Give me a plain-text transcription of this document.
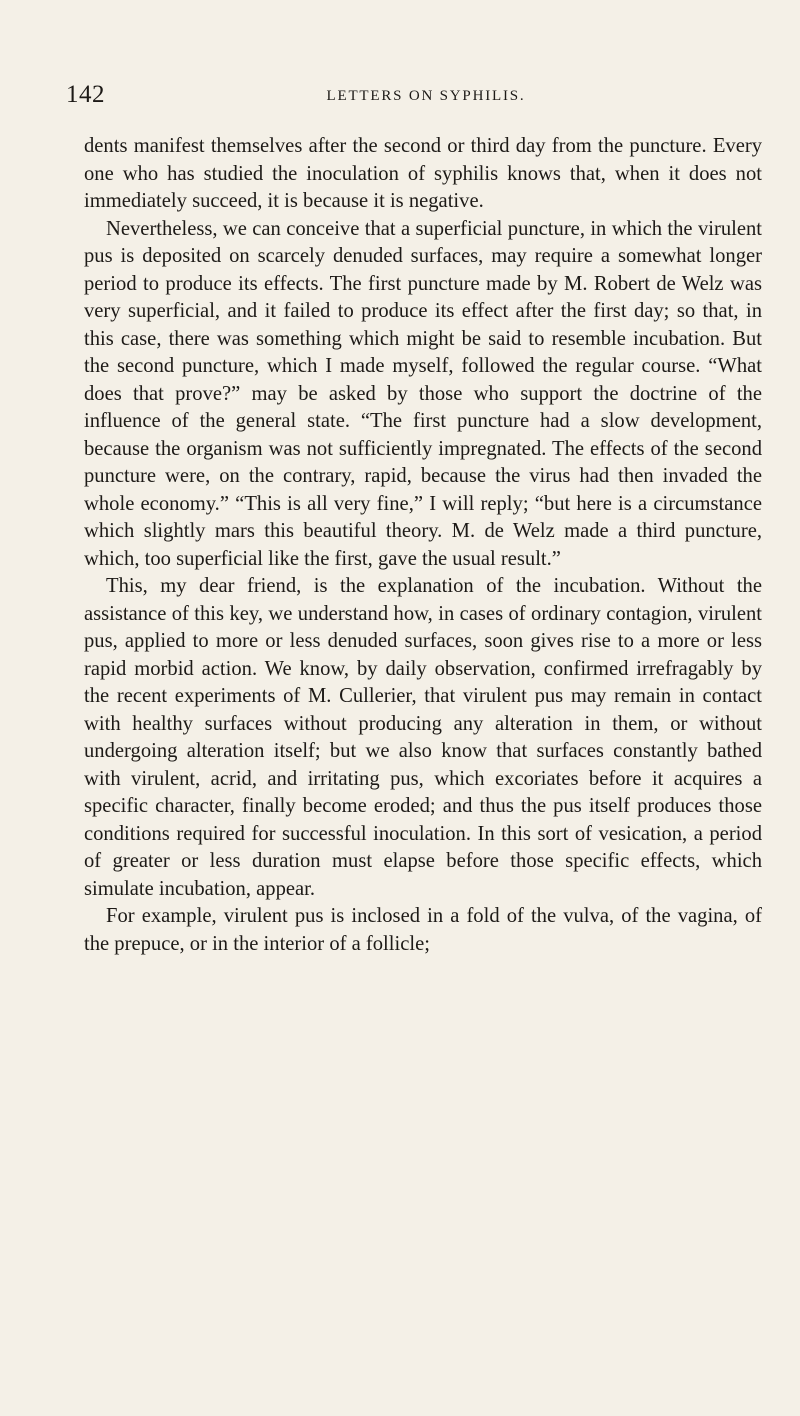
142	LETTERS ON SYPHILIS.

dents manifest themselves after the second or third day from the puncture. Every one who has studied the inoculation of syphilis knows that, when it does not immediately succeed, it is because it is negative.

Nevertheless, we can conceive that a superficial puncture, in which the virulent pus is deposited on scarcely denuded surfaces, may require a somewhat longer period to produce its effects. The first puncture made by M. Robert de Welz was very superficial, and it failed to produce its effect after the first day; so that, in this case, there was something which might be said to resemble incubation. But the second puncture, which I made myself, followed the regular course. “What does that prove?” may be asked by those who support the doctrine of the influence of the general state. “The first puncture had a slow development, because the organism was not sufficiently impregnated. The effects of the second puncture were, on the contrary, rapid, because the virus had then invaded the whole economy.” “This is all very fine,” I will reply; “but here is a circumstance which slightly mars this beautiful theory. M. de Welz made a third puncture, which, too superficial like the first, gave the usual result.”

This, my dear friend, is the explanation of the incubation. Without the assistance of this key, we understand how, in cases of ordinary contagion, virulent pus, applied to more or less denuded surfaces, soon gives rise to a more or less rapid morbid action. We know, by daily observation, confirmed irrefragably by the recent experiments of M. Cullerier, that virulent pus may remain in contact with healthy surfaces without producing any alteration in them, or without undergoing alteration itself; but we also know that surfaces constantly bathed with virulent, acrid, and irritating pus, which excoriates before it acquires a specific character, finally become eroded; and thus the pus itself produces those conditions required for successful inoculation. In this sort of vesication, a period of greater or less duration must elapse before those specific effects, which simulate incubation, appear.

For example, virulent pus is inclosed in a fold of the vulva, of the vagina, of the prepuce, or in the interior of a follicle;
